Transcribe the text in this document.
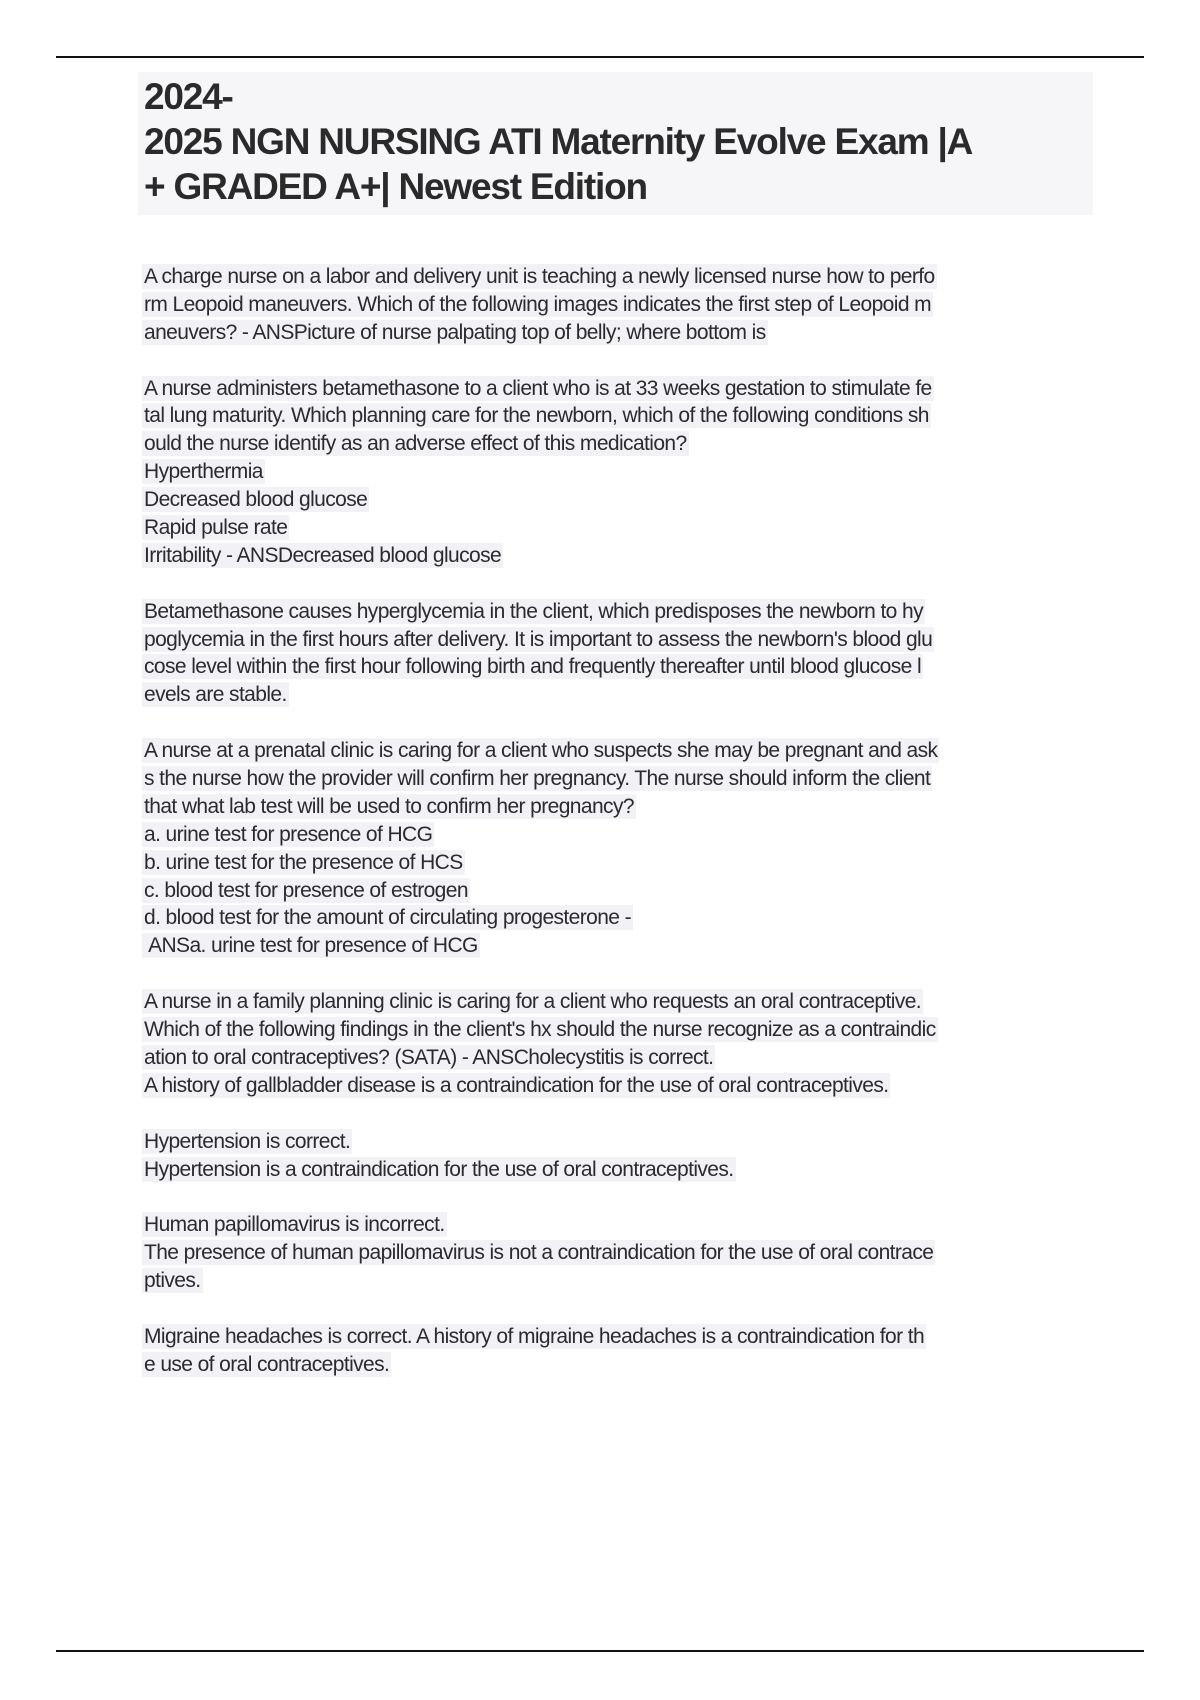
2024-
2025 NGN NURSING ATI Maternity Evolve Exam |A
+ GRADED A+| Newest Edition
A charge nurse on a labor and delivery unit is teaching a newly licensed nurse how to perfo
rm Leopoid maneuvers. Which of the following images indicates the first step of Leopoid m
aneuvers? - ANSPicture of nurse palpating top of belly; where bottom is
A nurse administers betamethasone to a client who is at 33 weeks gestation to stimulate fe
tal lung maturity. Which planning care for the newborn, which of the following conditions sh
ould the nurse identify as an adverse effect of this medication?
Hyperthermia
Decreased blood glucose
Rapid pulse rate
Irritability - ANSDecreased blood glucose
Betamethasone causes hyperglycemia in the client, which predisposes the newborn to hy
poglycemia in the first hours after delivery. It is important to assess the newborn's blood glu
cose level within the first hour following birth and frequently thereafter until blood glucose l
evels are stable.
A nurse at a prenatal clinic is caring for a client who suspects she may be pregnant and ask
s the nurse how the provider will confirm her pregnancy. The nurse should inform the client
that what lab test will be used to confirm her pregnancy?
a. urine test for presence of HCG
b. urine test for the presence of HCS
c. blood test for presence of estrogen
d. blood test for the amount of circulating progesterone -
ANSa. urine test for presence of HCG
A nurse in a family planning clinic is caring for a client who requests an oral contraceptive.
Which of the following findings in the client's hx should the nurse recognize as a contraindic
ation to oral contraceptives? (SATA) - ANSCholecystitis is correct.
A history of gallbladder disease is a contraindication for the use of oral contraceptives.
Hypertension is correct.
Hypertension is a contraindication for the use of oral contraceptives.
Human papillomavirus is incorrect.
The presence of human papillomavirus is not a contraindication for the use of oral contrace
ptives.
Migraine headaches is correct. A history of migraine headaches is a contraindication for th
e use of oral contraceptives.
